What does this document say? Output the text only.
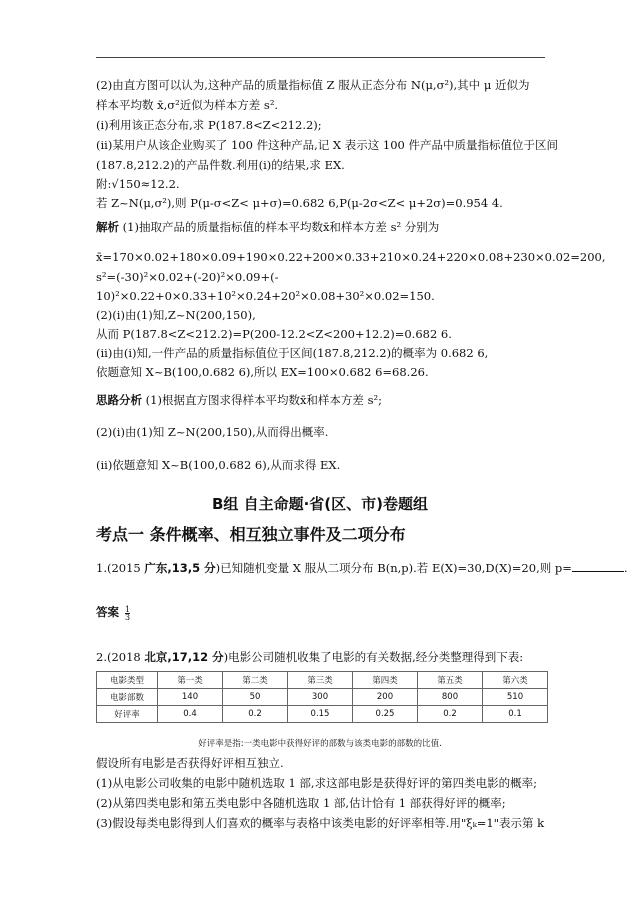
(2)由直方图可以认为,这种产品的质量指标值 Z 服从正态分布 N(μ,σ²),其中 μ 近似为
样本平均数 x̄,σ²近似为样本方差 s².
(i)利用该正态分布,求 P(187.8<Z<212.2);
(ii)某用户从该企业购买了 100 件这种产品,记 X 表示这 100 件产品中质量指标值位于区间
(187.8,212.2)的产品件数.利用(i)的结果,求 EX.
附:√150≈12.2.
若 Z~N(μ,σ²),则 P(μ-σ<Z< μ+σ)=0.682 6,P(μ-2σ<Z< μ+2σ)=0.954 4.
解析 (1)抽取产品的质量指标值的样本平均数x̄和样本方差 s² 分别为
x̄=170×0.02+180×0.09+190×0.22+200×0.33+210×0.24+220×0.08+230×0.02=200,
s²=(-30)²×0.02+(-20)²×0.09+(-
10)²×0.22+0×0.33+10²×0.24+20²×0.08+30²×0.02=150.
(2)(i)由(1)知,Z~N(200,150),
从而 P(187.8<Z<212.2)=P(200-12.2<Z<200+12.2)=0.682 6.
(ii)由(i)知,一件产品的质量指标值位于区间(187.8,212.2)的概率为 0.682 6,
依题意知 X~B(100,0.682 6),所以 EX=100×0.682 6=68.26.
思路分析 (1)根据直方图求得样本平均数x̄和样本方差 s²;
(2)(i)由(1)知 Z~N(200,150),从而得出概率.
(ii)依题意知 X~B(100,0.682 6),从而求得 EX.
B组 自主命题·省(区、市)卷题组
考点一 条件概率、相互独立事件及二项分布
1.(2015 广东,13,5 分)已知随机变量 X 服从二项分布 B(n,p).若 E(X)=30,D(X)=20,则 p=	.
答案 $\frac{1}{3}$
2.(2018 北京,17,12 分)电影公司随机收集了电影的有关数据,经分类整理得到下表:
电影类型	第一类	第二类	第三类	第四类	第五类	第六类
电影部数	140	50	300	200	800	510
好评率	0.4	0.2	0.15	0.25	0.2	0.1
好评率是指:一类电影中获得好评的部数与该类电影的部数的比值.
假设所有电影是否获得好评相互独立.
(1)从电影公司收集的电影中随机选取 1 部,求这部电影是获得好评的第四类电影的概率;
(2)从第四类电影和第五类电影中各随机选取 1 部,估计恰有 1 部获得好评的概率;
(3)假设每类电影得到人们喜欢的概率与表格中该类电影的好评率相等.用"ξₖ=1"表示第 k
